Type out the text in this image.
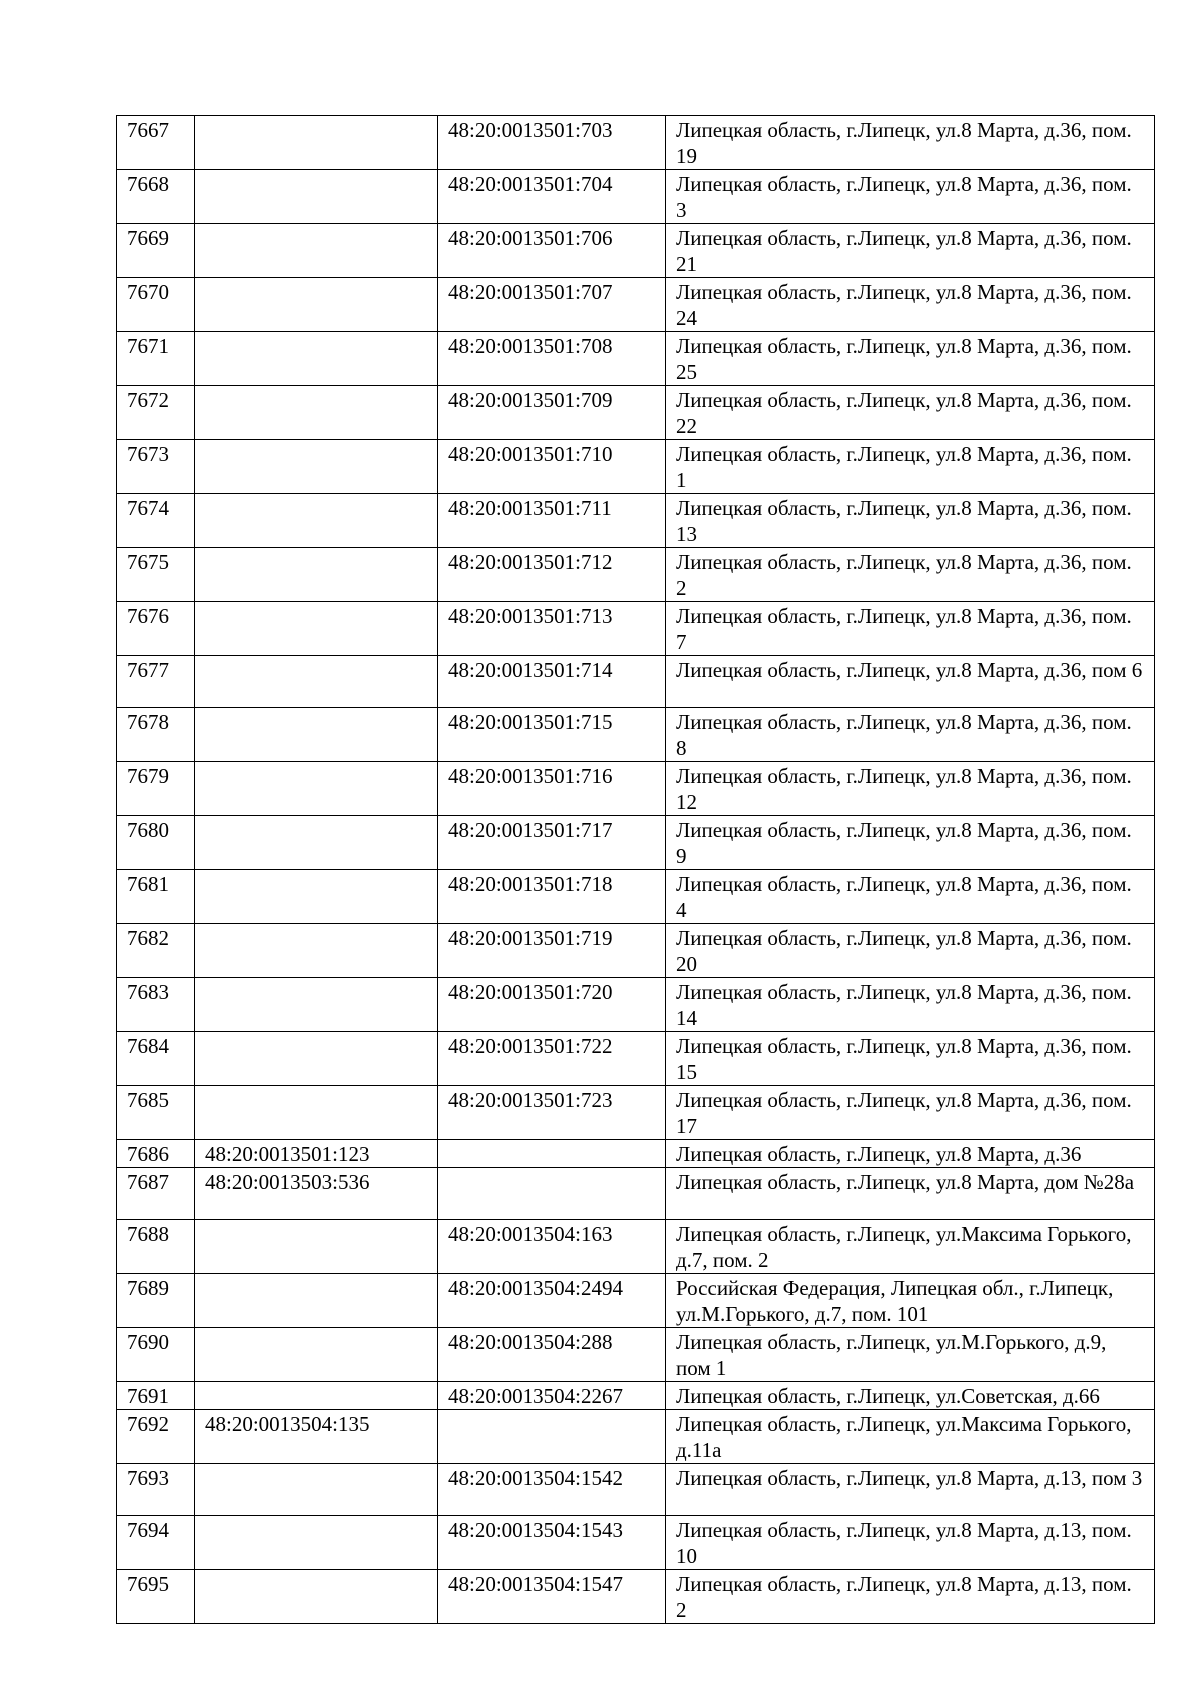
7667		48:20:0013501:703	Липецкая область, г.Липецк, ул.8 Марта, д.36, пом. 19

7668		48:20:0013501:704	Липецкая область, г.Липецк, ул.8 Марта, д.36, пом. 3

7669		48:20:0013501:706	Липецкая область, г.Липецк, ул.8 Марта, д.36, пом. 21

7670		48:20:0013501:707	Липецкая область, г.Липецк, ул.8 Марта, д.36, пом. 24

7671		48:20:0013501:708	Липецкая область, г.Липецк, ул.8 Марта, д.36, пом. 25

7672		48:20:0013501:709	Липецкая область, г.Липецк, ул.8 Марта, д.36, пом. 22

7673		48:20:0013501:710	Липецкая область, г.Липецк, ул.8 Марта, д.36, пом. 1

7674		48:20:0013501:711	Липецкая область, г.Липецк, ул.8 Марта, д.36, пом. 13

7675		48:20:0013501:712	Липецкая область, г.Липецк, ул.8 Марта, д.36, пом. 2

7676		48:20:0013501:713	Липецкая область, г.Липецк, ул.8 Марта, д.36, пом. 7

7677		48:20:0013501:714	Липецкая область, г.Липецк, ул.8 Марта, д.36, пом 6

7678		48:20:0013501:715	Липецкая область, г.Липецк, ул.8 Марта, д.36, пом. 8

7679		48:20:0013501:716	Липецкая область, г.Липецк, ул.8 Марта, д.36, пом. 12

7680		48:20:0013501:717	Липецкая область, г.Липецк, ул.8 Марта, д.36, пом. 9

7681		48:20:0013501:718	Липецкая область, г.Липецк, ул.8 Марта, д.36, пом. 4

7682		48:20:0013501:719	Липецкая область, г.Липецк, ул.8 Марта, д.36, пом. 20

7683		48:20:0013501:720	Липецкая область, г.Липецк, ул.8 Марта, д.36, пом. 14

7684		48:20:0013501:722	Липецкая область, г.Липецк, ул.8 Марта, д.36, пом. 15

7685		48:20:0013501:723	Липецкая область, г.Липецк, ул.8 Марта, д.36, пом. 17

7686	48:20:0013501:123		Липецкая область, г.Липецк, ул.8 Марта, д.36

7687	48:20:0013503:536		Липецкая область, г.Липецк, ул.8 Марта, дом №28а

7688		48:20:0013504:163	Липецкая область, г.Липецк, ул.Максима Горького, д.7, пом. 2

7689		48:20:0013504:2494	Российская Федерация, Липецкая обл., г.Липецк, ул.М.Горького, д.7, пом. 101

7690		48:20:0013504:288	Липецкая область, г.Липецк, ул.М.Горького, д.9, пом 1

7691		48:20:0013504:2267	Липецкая область, г.Липецк, ул.Советская, д.66

7692	48:20:0013504:135		Липецкая область, г.Липецк, ул.Максима Горького, д.11а

7693		48:20:0013504:1542	Липецкая область, г.Липецк, ул.8 Марта, д.13, пом 3

7694		48:20:0013504:1543	Липецкая область, г.Липецк, ул.8 Марта, д.13, пом. 10

7695		48:20:0013504:1547	Липецкая область, г.Липецк, ул.8 Марта, д.13, пом. 2
